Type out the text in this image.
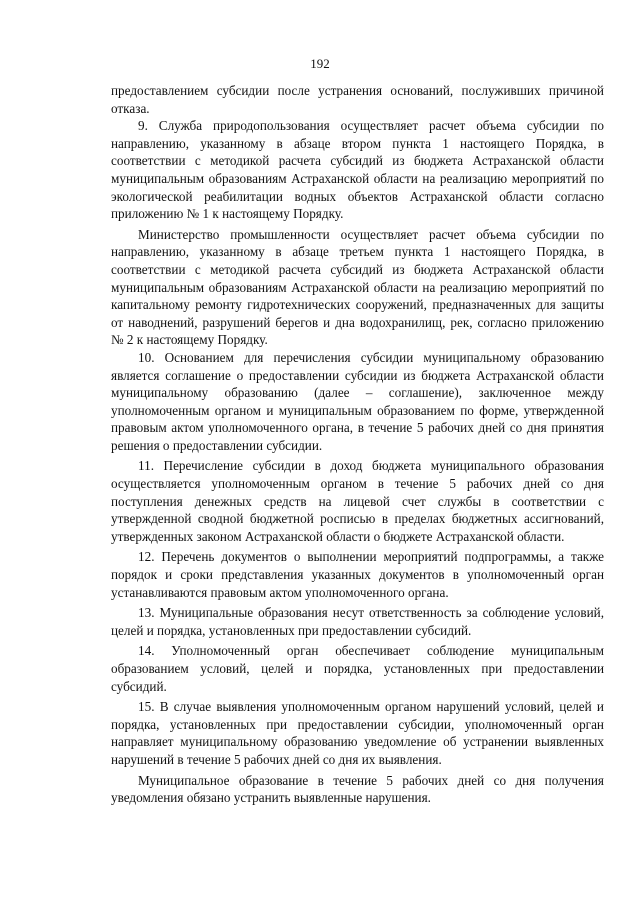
192

предоставлением субсидии после устранения оснований, послуживших причиной отказа.

9. Служба природопользования осуществляет расчет объема субсидии по направлению, указанному в абзаце втором пункта 1 настоящего Порядка, в соответствии с методикой расчета субсидий из бюджета Астраханской области муниципальным образованиям Астраханской области на реализацию мероприятий по экологической реабилитации водных объектов Астраханской области согласно приложению № 1 к настоящему Порядку.

Министерство промышленности осуществляет расчет объема субсидии по направлению, указанному в абзаце третьем пункта 1 настоящего Порядка, в соответствии с методикой расчета субсидий из бюджета Астраханской области муниципальным образованиям Астраханской области на реализацию мероприятий по капитальному ремонту гидротехнических сооружений, предназначенных для защиты от наводнений, разрушений берегов и дна водохранилищ, рек, согласно приложению № 2 к настоящему Порядку.

10. Основанием для перечисления субсидии муниципальному образованию является соглашение о предоставлении субсидии из бюджета Астраханской области муниципальному образованию (далее – соглашение), заключенное между уполномоченным органом и муниципальным образованием по форме, утвержденной правовым актом уполномоченного органа, в течение 5 рабочих дней со дня принятия решения о предоставлении субсидии.

11. Перечисление субсидии в доход бюджета муниципального образования осуществляется уполномоченным органом в течение 5 рабочих дней со дня поступления денежных средств на лицевой счет службы в соответствии с утвержденной сводной бюджетной росписью в пределах бюджетных ассигнований, утвержденных законом Астраханской области о бюджете Астраханской области.

12. Перечень документов о выполнении мероприятий подпрограммы, а также порядок и сроки представления указанных документов в уполномоченный орган устанавливаются правовым актом уполномоченного органа.

13. Муниципальные образования несут ответственность за соблюдение условий, целей и порядка, установленных при предоставлении субсидий.

14. Уполномоченный орган обеспечивает соблюдение муниципальным образованием условий, целей и порядка, установленных при предоставлении субсидий.

15. В случае выявления уполномоченным органом нарушений условий, целей и порядка, установленных при предоставлении субсидии, уполномоченный орган направляет муниципальному образованию уведомление об устранении выявленных нарушений в течение 5 рабочих дней со дня их выявления.

Муниципальное образование в течение 5 рабочих дней со дня получения уведомления обязано устранить выявленные нарушения.
